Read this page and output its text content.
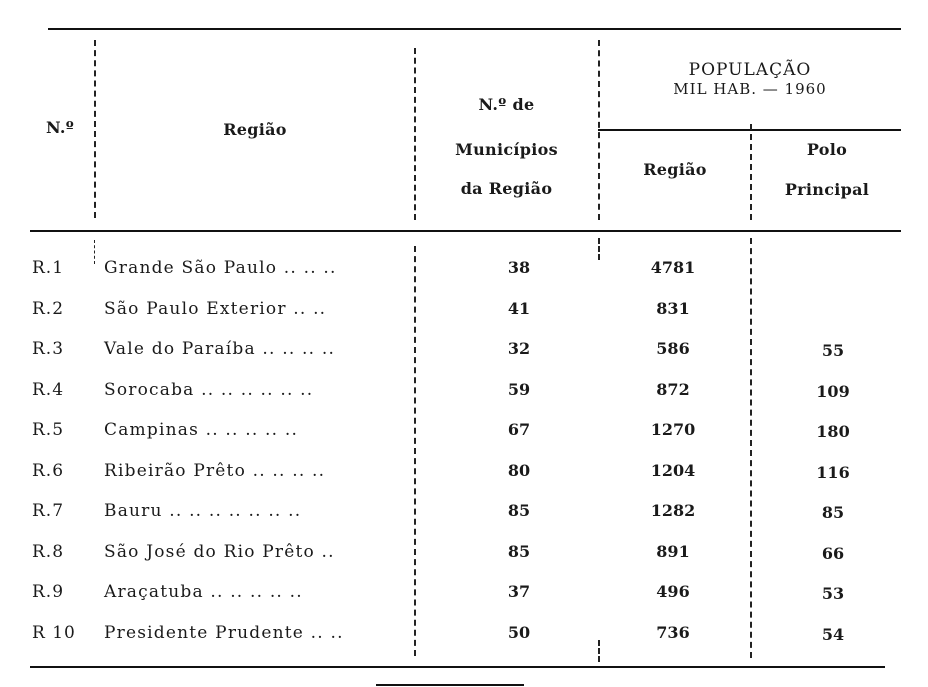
N.º	Região
N.º de
Municípios
da Região
POPULAÇÃO
MIL HAB. — 1960
Região
Polo
Principal
R.1 Grande São Paulo .. .. ..	38	4781
R.2 São Paulo Exterior .. ..	41	831
R.3 Vale do Paraíba .. .. .. ..	32	586	55
R.4 Sorocaba .. .. .. .. .. ..	59	872	109
R.5 Campinas .. .. .. .. ..	67	1270	180
R.6 Ribeirão Prêto .. .. .. ..	80	1204	116
R.7 Bauru .. .. .. .. .. .. ..	85	1282	85
R.8 São José do Rio Prêto ..	85	891	66
R.9 Araçatuba .. .. .. .. ..	37	496	53
R 10 Presidente Prudente .. ..	50	736	54
